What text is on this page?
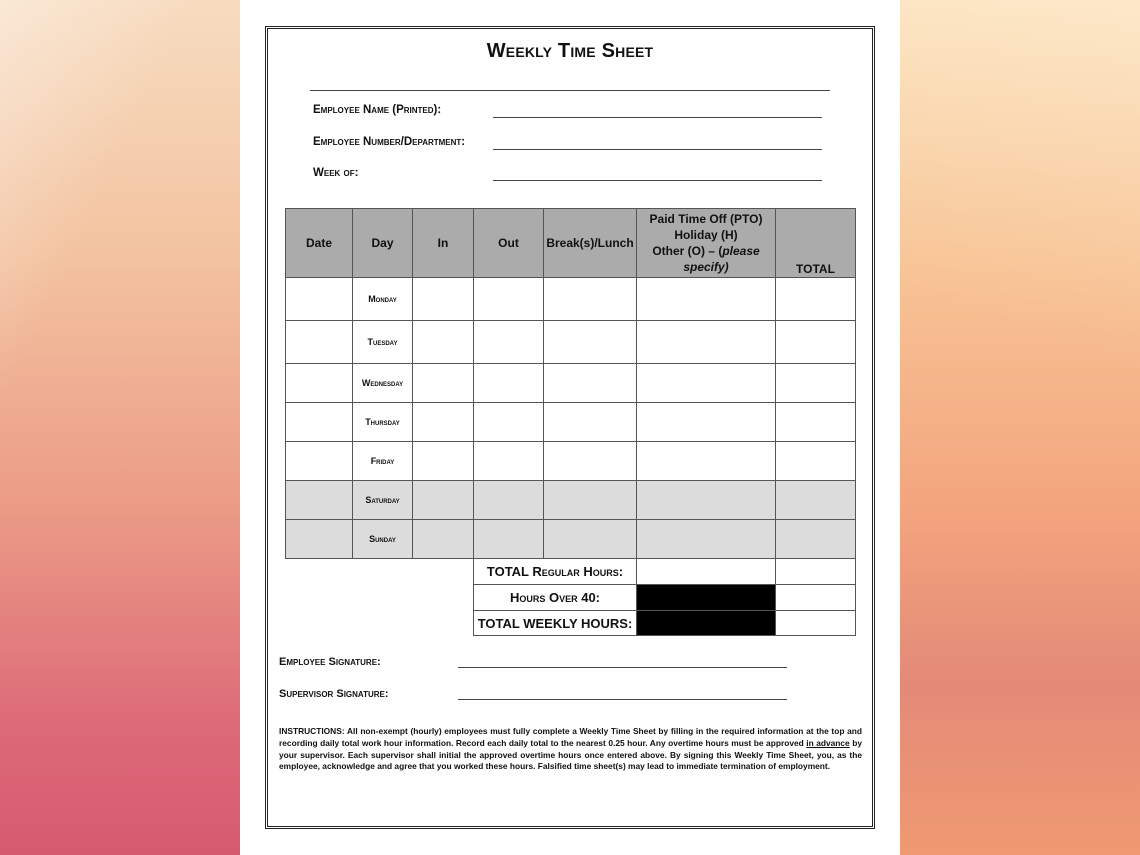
Weekly Time Sheet
Employee Name (Printed):
Employee Number/Department:
Week of:
Date	Day	In	Out	Break(s)/Lunch	Paid Time Off (PTO)
Holiday (H)
Other (O) – (please specify)	TOTAL
	Monday					
	Tuesday					
	Wednesday					
	Thursday					
	Friday					
	Saturday					
	Sunday					
			TOTAL Regular Hours:			
			Hours Over 40:			
			TOTAL WEEKLY HOURS:			
Employee Signature:
Supervisor Signature:
INSTRUCTIONS: All non-exempt (hourly) employees must fully complete a Weekly Time Sheet by filling in the required information at the top and recording daily total work hour information. Record each daily total to the nearest 0.25 hour. Any overtime hours must be approved in advance by your supervisor. Each supervisor shall initial the approved overtime hours once entered above. By signing this Weekly Time Sheet, you, as the employee, acknowledge and agree that you worked these hours. Falsified time sheet(s) may lead to immediate termination of employment.
